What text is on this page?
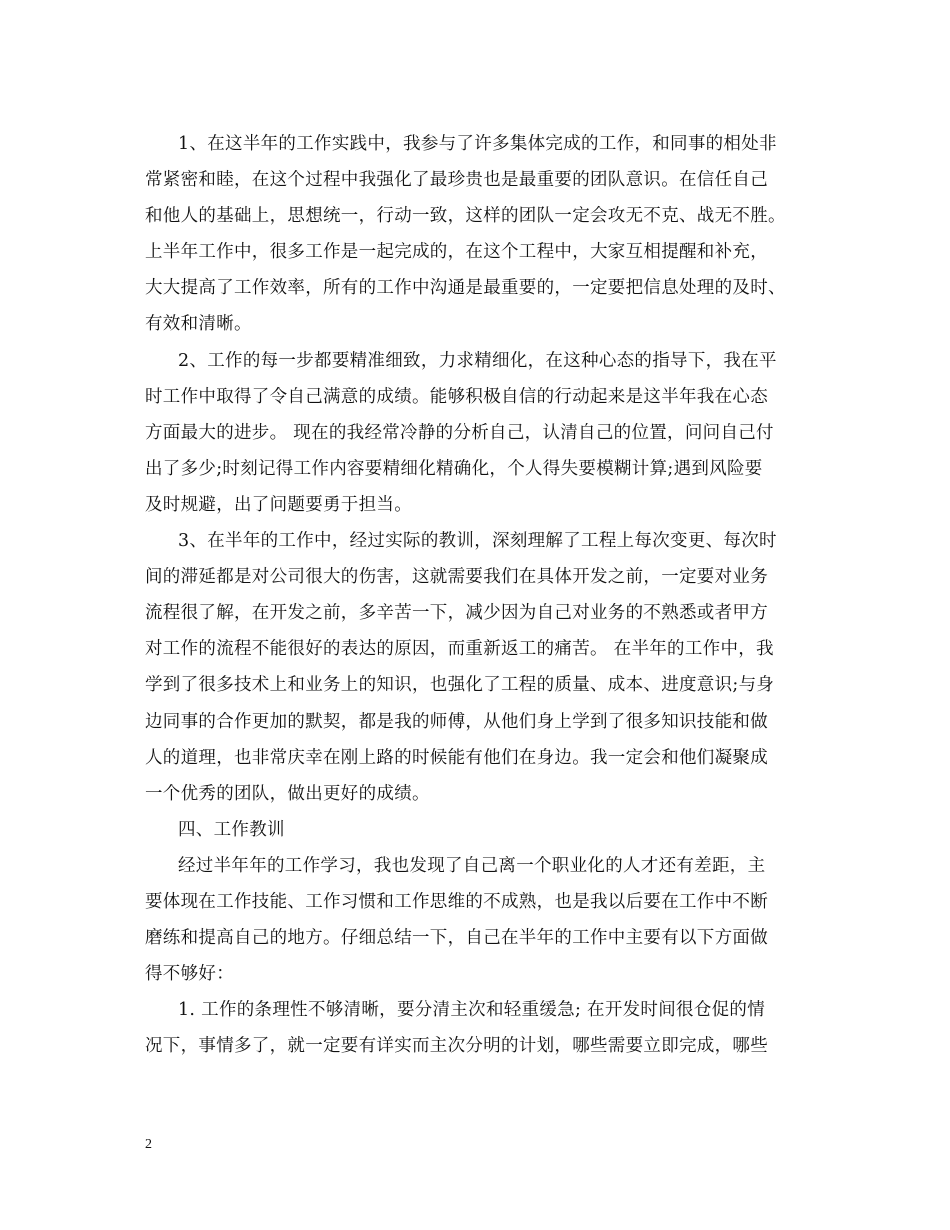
1、在这半年的工作实践中，我参与了许多集体完成的工作，和同事的相处非
常紧密和睦，在这个过程中我强化了最珍贵也是最重要的团队意识。在信任自己
和他人的基础上，思想统一，行动一致，这样的团队一定会攻无不克、战无不胜。
上半年工作中，很多工作是一起完成的，在这个工程中，大家互相提醒和补充，
大大提高了工作效率，所有的工作中沟通是最重要的，一定要把信息处理的及时、
有效和清晰。
2、工作的每一步都要精准细致，力求精细化，在这种心态的指导下，我在平
时工作中取得了令自己满意的成绩。能够积极自信的行动起来是这半年我在心态
方面最大的进步。 现在的我经常冷静的分析自己，认清自己的位置，问问自己付
出了多少;时刻记得工作内容要精细化精确化，个人得失要模糊计算;遇到风险要
及时规避，出了问题要勇于担当。
3、在半年的工作中，经过实际的教训，深刻理解了工程上每次变更、每次时
间的滞延都是对公司很大的伤害，这就需要我们在具体开发之前，一定要对业务
流程很了解，在开发之前，多辛苦一下，减少因为自己对业务的不熟悉或者甲方
对工作的流程不能很好的表达的原因，而重新返工的痛苦。 在半年的工作中，我
学到了很多技术上和业务上的知识，也强化了工程的质量、成本、进度意识;与身
边同事的合作更加的默契，都是我的师傅，从他们身上学到了很多知识技能和做
人的道理，也非常庆幸在刚上路的时候能有他们在身边。我一定会和他们凝聚成
一个优秀的团队，做出更好的成绩。
四、工作教训
经过半年年的工作学习，我也发现了自己离一个职业化的人才还有差距，主
要体现在工作技能、工作习惯和工作思维的不成熟，也是我以后要在工作中不断
磨练和提高自己的地方。仔细总结一下，自己在半年的工作中主要有以下方面做
得不够好：
1. 工作的条理性不够清晰，要分清主次和轻重缓急; 在开发时间很仓促的情
况下，事情多了，就一定要有详实而主次分明的计划，哪些需要立即完成，哪些
2
